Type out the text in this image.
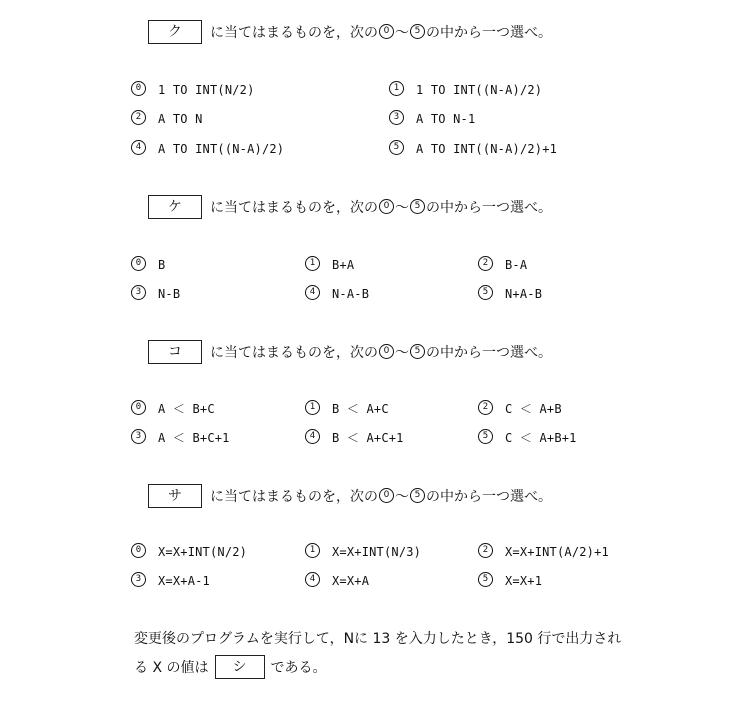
ク	に当てはまるものを，次の 0 〜 5 の中から一つ選べ。
0	1 TO INT(N/2)	1	1 TO INT((N-A)/2)
2	A TO N	3	A TO N-1
4	A TO INT((N-A)/2)	5	A TO INT((N-A)/2)+1
ケ	に当てはまるものを，次の 0 〜 5 の中から一つ選べ。
0	B	1	B+A	2	B-A
3	N-B	4	N-A-B	5	N+A-B
コ	に当てはまるものを，次の 0 〜 5 の中から一つ選べ。
0	A ＜ B+C	1	B ＜ A+C	2	C ＜ A+B
3	A ＜ B+C+1	4	B ＜ A+C+1	5	C ＜ A+B+1
サ	に当てはまるものを，次の 0 〜 5 の中から一つ選べ。
0	X=X+INT(N/2)	1	X=X+INT(N/3)	2	X=X+INT(A/2)+1
3	X=X+A-1	4	X=X+A	5	X=X+1
変更後のプログラムを実行して，Nに 13 を入力したとき，150 行で出力され
る X の値は	シ	である。
